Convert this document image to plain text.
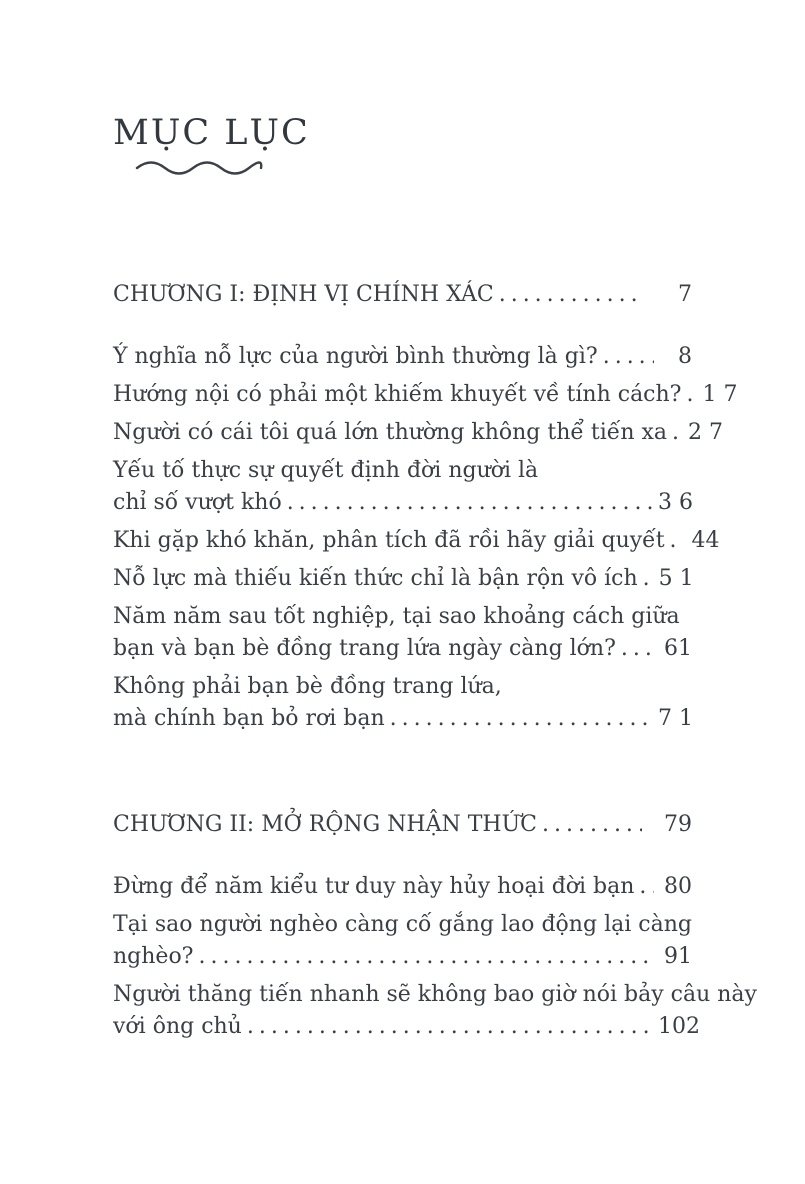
MỤC LỤC
CHƯƠNG I: ĐỊNH VỊ CHÍNH XÁC .....	7
Ý nghĩa nỗ lực của người bình thường là gì? .....	8
Hướng nội có phải một khiếm khuyết về tính cách? ..... 1 7
Người có cái tôi quá lớn thường không thể tiến xa ..... 2 7
Yếu tố thực sự quyết định đời người là
chỉ số vượt khó .....	3 6
Khi gặp khó khăn, phân tích đã rồi hãy giải quyết ..... 44
Nỗ lực mà thiếu kiến thức chỉ là bận rộn vô ích ..... 5 1
Năm năm sau tốt nghiệp, tại sao khoảng cách giữa
bạn và bạn bè đồng trang lứa ngày càng lớn? ..... 61
Không phải bạn bè đồng trang lứa,
mà chính bạn bỏ rơi bạn .....	7 1
CHƯƠNG II: MỞ RỘNG NHẬN THỨC .....	79
Đừng để năm kiểu tư duy này hủy hoại đời bạn ..... 80
Tại sao người nghèo càng cố gắng lao động lại càng
nghèo? .....	91
Người thăng tiến nhanh sẽ không bao giờ nói bảy câu này
với ông chủ .....	102
